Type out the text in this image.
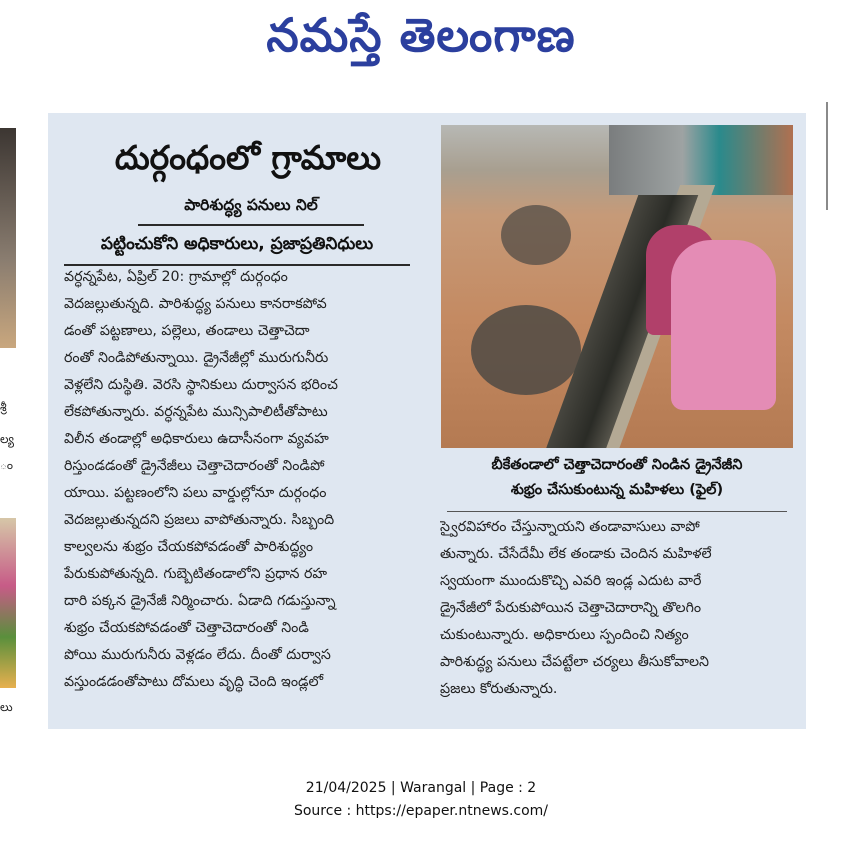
నమస్తే తెలంగాణ
శ్రీ
ల్య
ం
లు
దుర్గంధంలో గ్రామాలు
పారిశుద్ధ్య పనులు నిల్
పట్టించుకోని అధికారులు, ప్రజాప్రతినిధులు
వర్ధన్నపేట, ఏప్రిల్ 20: గ్రామాల్లో దుర్గంధం
వెదజల్లుతున్నది. పారిశుద్ధ్య పనులు కానరాకపోవ
డంతో పట్టణాలు, పల్లెలు, తండాలు చెత్తాచెదా
రంతో నిండిపోతున్నాయి. డ్రైనేజీల్లో మురుగునీరు
వెళ్లలేని దుస్థితి. వెరసి స్థానికులు దుర్వాసన భరించ
లేకపోతున్నారు. వర్ధన్నపేట మున్సిపాలిటీతోపాటు
విలీన తండాల్లో అధికారులు ఉదాసీనంగా వ్యవహ
రిస్తుండడంతో డ్రైనేజీలు చెత్తాచెదారంతో నిండిపో
యాయి. పట్టణంలోని పలు వార్డుల్లోనూ దుర్గంధం
వెదజల్లుతున్నదని ప్రజలు వాపోతున్నారు. సిబ్బంది
కాల్వలను శుభ్రం చేయకపోవడంతో పారిశుద్ధ్యం
పేరుకుపోతున్నది. గుబ్బెటితండాలోని ప్రధాన రహ
దారి పక్కన డ్రైనేజీ నిర్మించారు. ఏడాది గడుస్తున్నా
శుభ్రం చేయకపోవడంతో చెత్తాచెదారంతో నిండి
పోయి మురుగునీరు వెళ్లడం లేదు. దీంతో దుర్వాస
వస్తుండడంతోపాటు దోమలు వృద్ధి చెంది ఇండ్లలో
బీకేతండాలో చెత్తాచెదారంతో నిండిన డ్రైనేజీని
శుభ్రం చేసుకుంటున్న మహిళలు (ఫైల్)
స్వైరవిహారం చేస్తున్నాయని తండావాసులు వాపో
తున్నారు. చేసేదేమీ లేక తండాకు చెందిన మహిళలే
స్వయంగా ముందుకొచ్చి ఎవరి ఇండ్ల ఎదుట వారే
డ్రైనేజీలో పేరుకుపోయిన చెత్తాచెదారాన్ని తొలగిం
చుకుంటున్నారు. అధికారులు స్పందించి నిత్యం
పారిశుద్ధ్య పనులు చేపట్టేలా చర్యలు తీసుకోవాలని
ప్రజలు కోరుతున్నారు.
21/04/2025 | Warangal | Page : 2
Source : https://epaper.ntnews.com/
